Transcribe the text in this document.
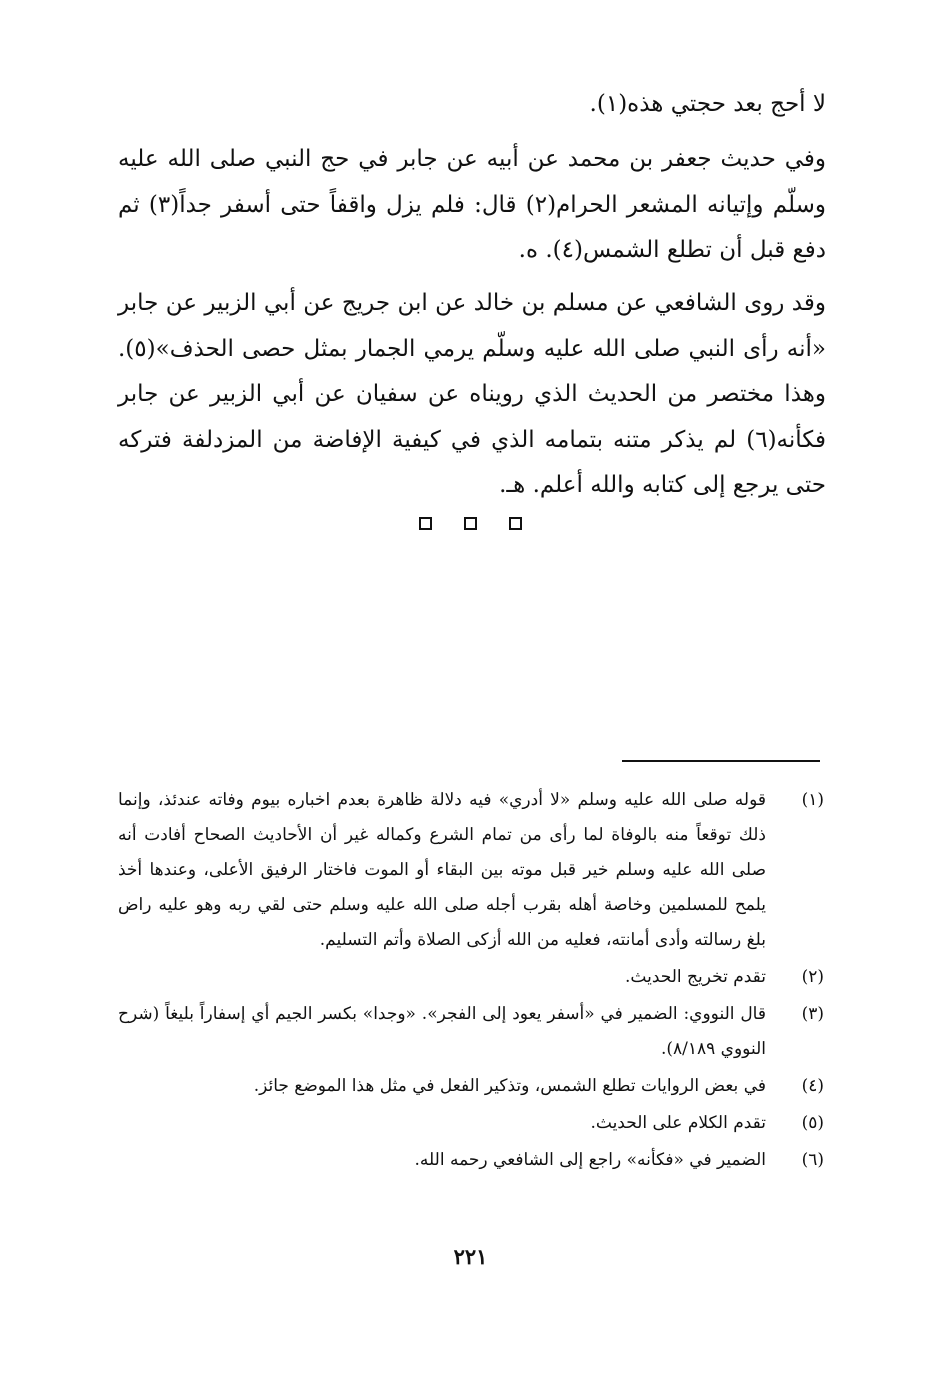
لا أحج بعد حجتي هذه(١).

وفي حديث جعفر بن محمد عن أبيه عن جابر في حج النبي صلى الله عليه وسلّم وإتيانه المشعر الحرام(٢) قال: فلم يزل واقفاً حتى أسفر جداً(٣) ثم دفع قبل أن تطلع الشمس(٤). ه.

وقد روى الشافعي عن مسلم بن خالد عن ابن جريج عن أبي الزبير عن جابر «أنه رأى النبي صلى الله عليه وسلّم يرمي الجمار بمثل حصى الحذف»(٥). وهذا مختصر من الحديث الذي رويناه عن سفيان عن أبي الزبير عن جابر فكأنه(٦) لم يذكر متنه بتمامه الذي في كيفية الإفاضة من المزدلفة فتركه حتى يرجع إلى كتابه والله أعلم. هـ.

(١)
قوله صلى الله عليه وسلم «لا أدري» فيه دلالة ظاهرة بعدم اخباره بيوم وفاته عندئذ، وإنما ذلك توقعاً منه بالوفاة لما رأى من تمام الشرع وكماله غير أن الأحاديث الصحاح أفادت أنه صلى الله عليه وسلم خير قبل موته بين البقاء أو الموت فاختار الرفيق الأعلى، وعندها أخذ يلمح للمسلمين وخاصة أهله بقرب أجله صلى الله عليه وسلم حتى لقي ربه وهو عليه راض بلغ رسالته وأدى أمانته، فعليه من الله أزكى الصلاة وأتم التسليم.
(٢)
تقدم تخريج الحديث.
(٣)
قال النووي: الضمير في «أسفر يعود إلى الفجر». «وجدا» بكسر الجيم أي إسفاراً بليغاً (شرح النووي ٨/١٨٩).
(٤)
في بعض الروايات تطلع الشمس، وتذكير الفعل في مثل هذا الموضع جائز.
(٥)
تقدم الكلام على الحديث.
(٦)
الضمير في «فكأنه» راجع إلى الشافعي رحمه الله.
٢٢١
